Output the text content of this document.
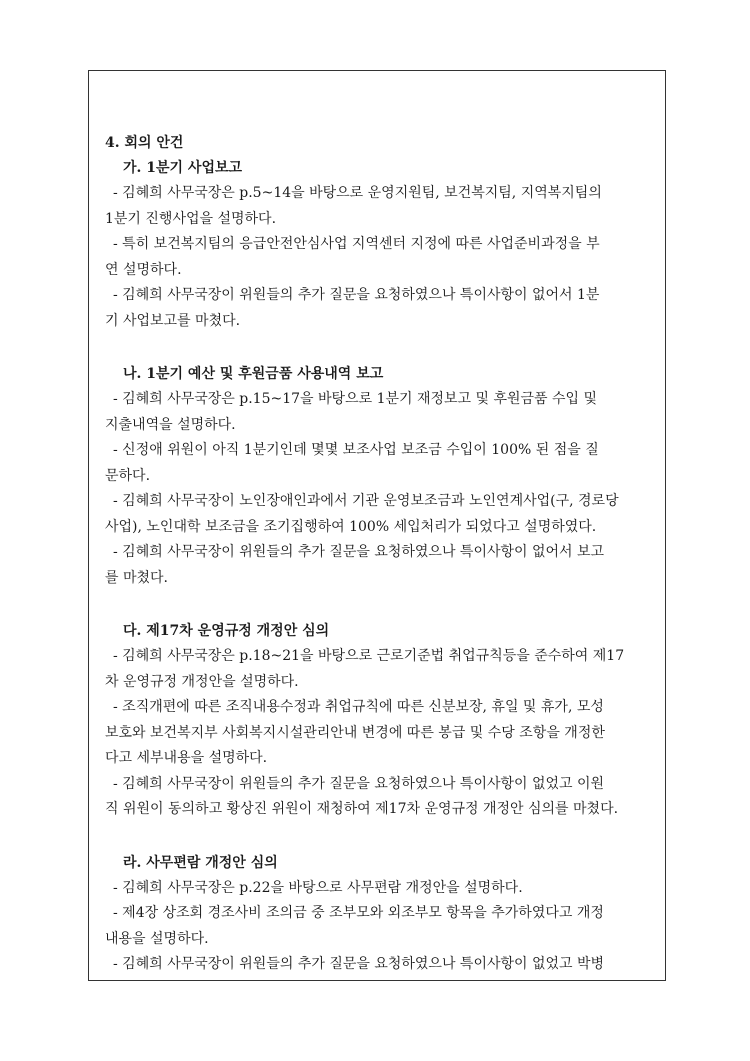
4. 회의 안건
가. 1분기 사업보고
- 김혜희 사무국장은 p.5~14을 바탕으로 운영지원팀, 보건복지팀, 지역복지팀의
1분기 진행사업을 설명하다.
- 특히 보건복지팀의 응급안전안심사업 지역센터 지정에 따른 사업준비과정을 부
연 설명하다.
- 김혜희 사무국장이 위원들의 추가 질문을 요청하였으나 특이사항이 없어서 1분
기 사업보고를 마쳤다.
나. 1분기 예산 및 후원금품 사용내역 보고
- 김혜희 사무국장은 p.15~17을 바탕으로 1분기 재정보고 및 후원금품 수입 및
지출내역을 설명하다.
- 신정애 위원이 아직 1분기인데 몇몇 보조사업 보조금 수입이 100% 된 점을 질
문하다.
- 김혜희 사무국장이 노인장애인과에서 기관 운영보조금과 노인연계사업(구, 경로당
사업), 노인대학 보조금을 조기집행하여 100% 세입처리가 되었다고 설명하였다.
- 김혜희 사무국장이 위원들의 추가 질문을 요청하였으나 특이사항이 없어서 보고
를 마쳤다.
다. 제17차 운영규정 개정안 심의
- 김혜희 사무국장은 p.18~21을 바탕으로 근로기준법 취업규칙등을 준수하여 제17
차 운영규정 개정안을 설명하다.
- 조직개편에 따른 조직내용수정과 취업규칙에 따른 신분보장, 휴일 및 휴가, 모성
보호와 보건복지부 사회복지시설관리안내 변경에 따른 봉급 및 수당 조항을 개정한
다고 세부내용을 설명하다.
- 김혜희 사무국장이 위원들의 추가 질문을 요청하였으나 특이사항이 없었고 이원
직 위원이 동의하고 황상진 위원이 재청하여 제17차 운영규정 개정안 심의를 마쳤다.
라. 사무편람 개정안 심의
- 김혜희 사무국장은 p.22을 바탕으로 사무편람 개정안을 설명하다.
- 제4장 상조회 경조사비 조의금 중 조부모와 외조부모 항목을 추가하였다고 개정
내용을 설명하다.
- 김혜희 사무국장이 위원들의 추가 질문을 요청하였으나 특이사항이 없었고 박병
